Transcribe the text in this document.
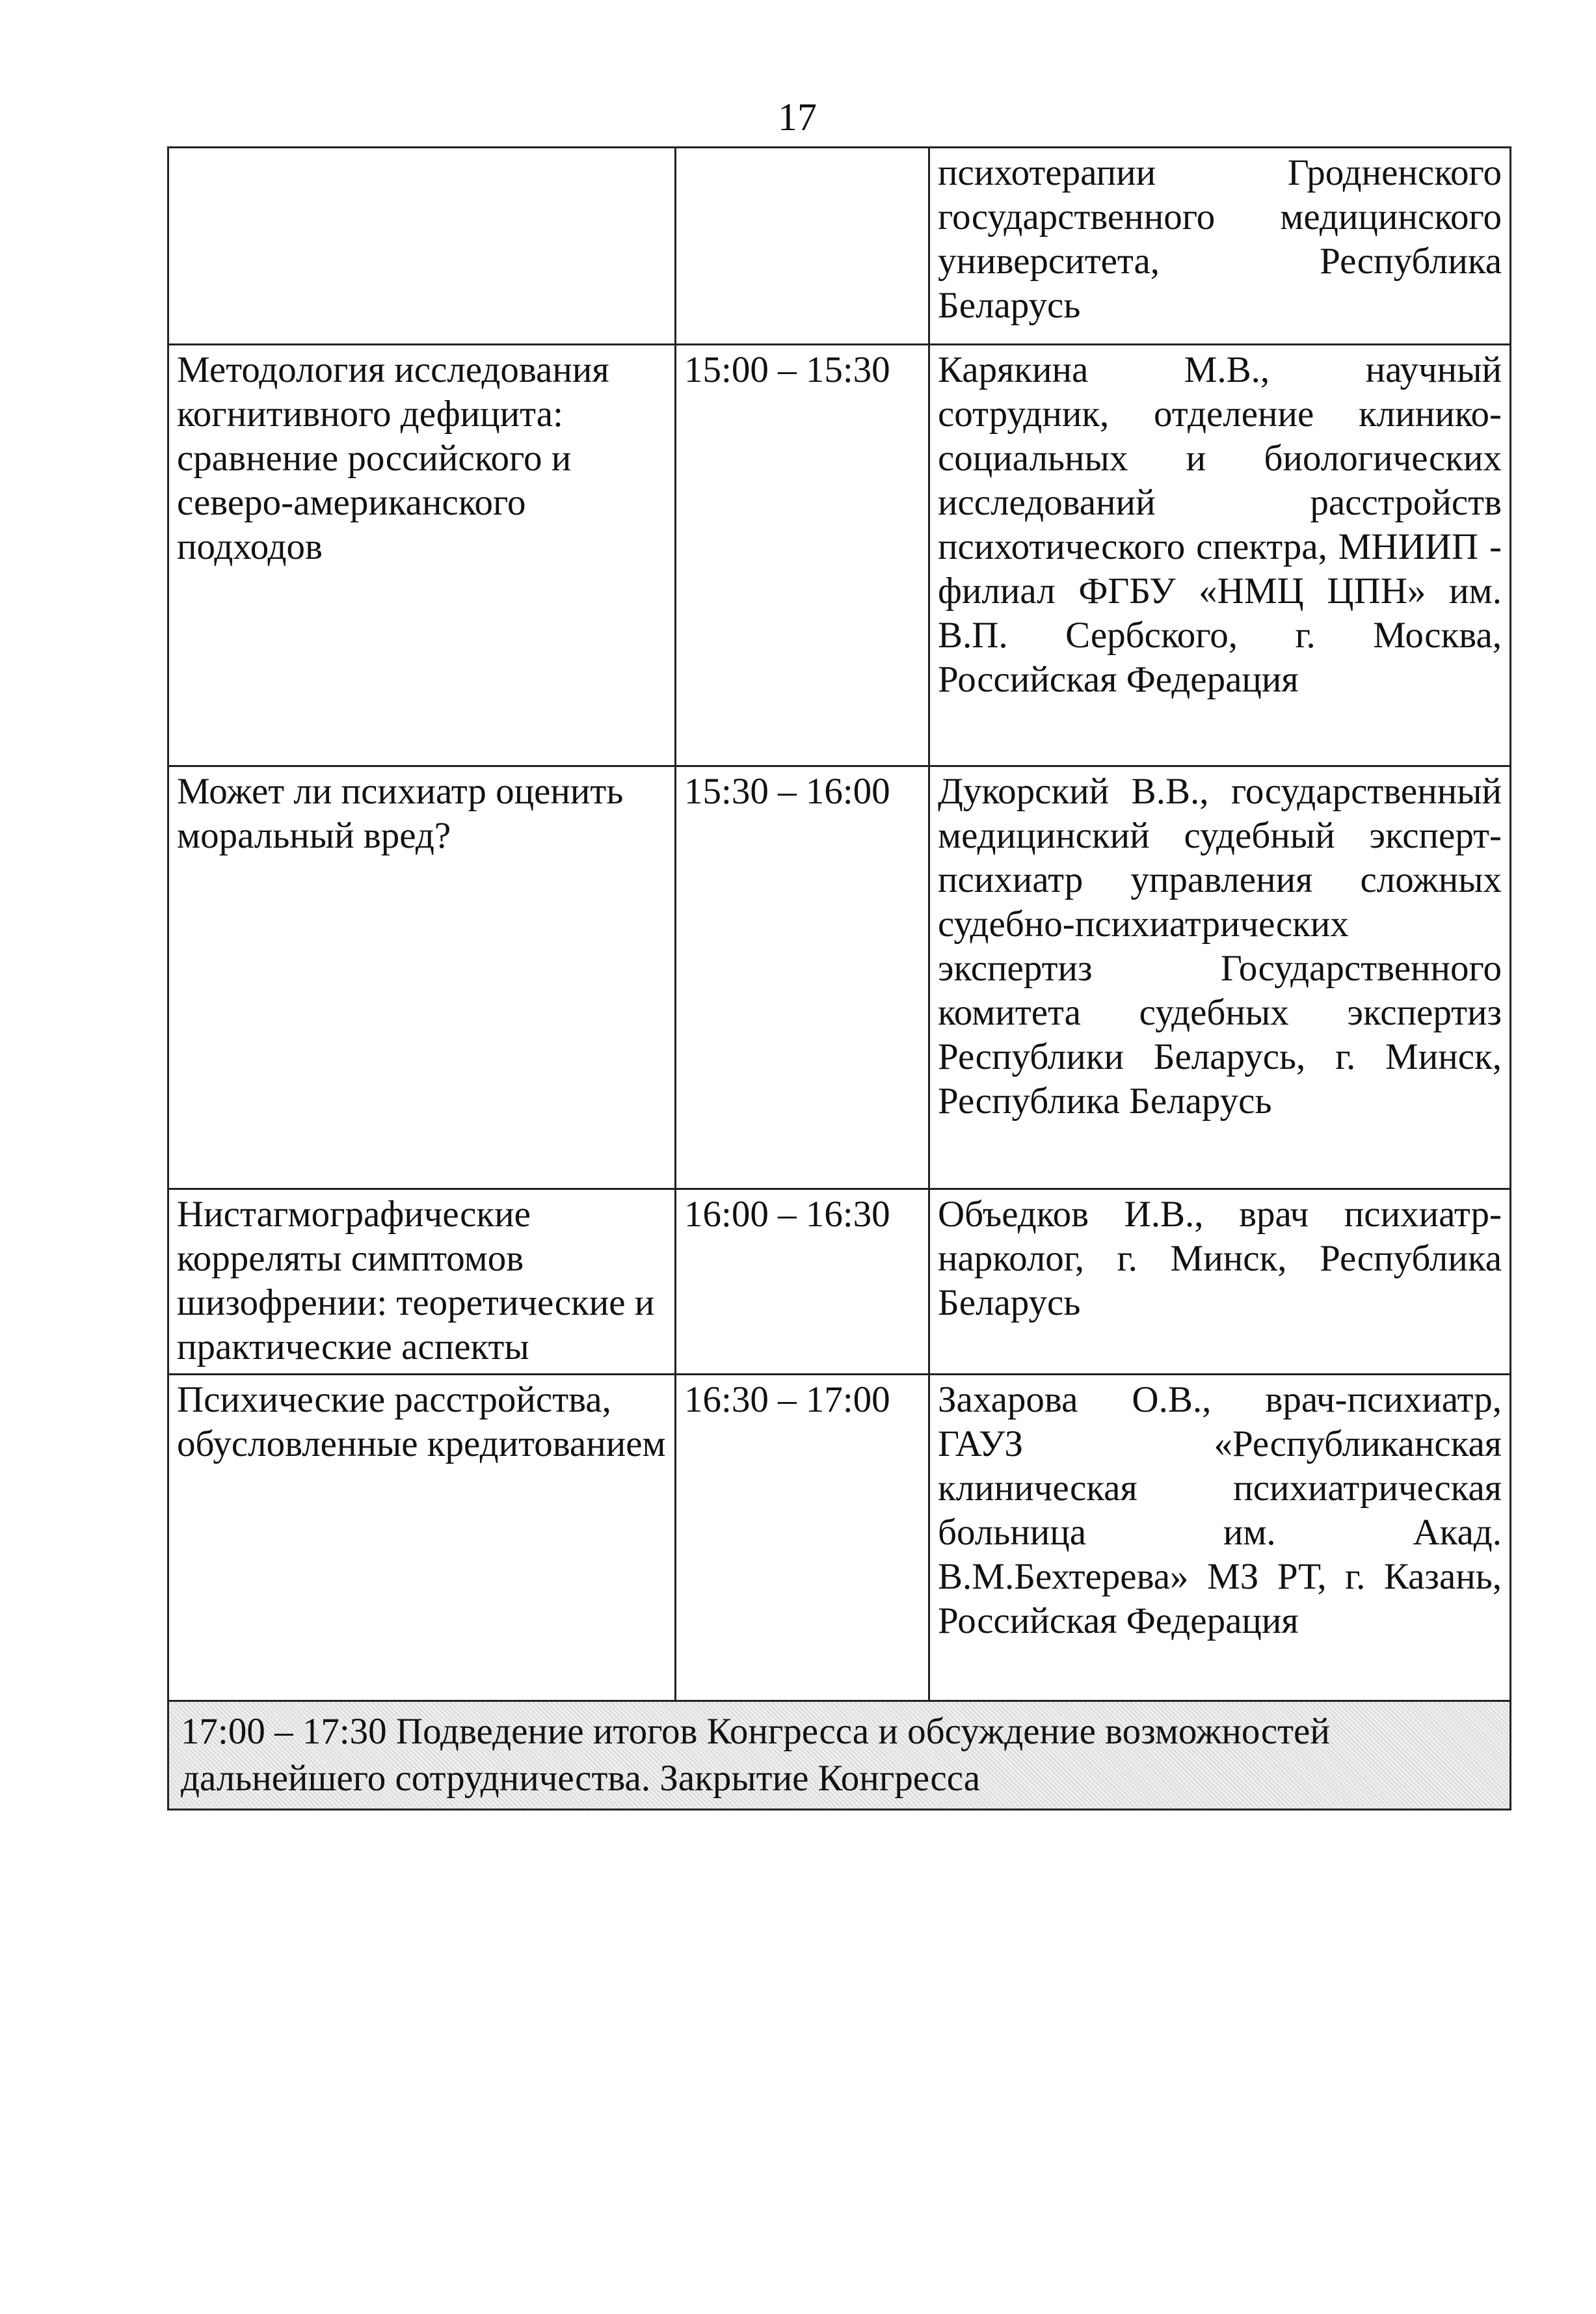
17
		психотерапии Гродненского государственного медицинского университета, Республика Беларусь
Методология исследования когнитивного дефицита: сравнение российского и северо-американского подходов	15:00 – 15:30	Карякина М.В., научный сотрудник, отделение клинико-социальных и биологических исследований расстройств психотического спектра, МНИИП - филиал ФГБУ «НМЦ ЦПН» им. В.П. Сербского, г. Москва, Российская Федерация
Может ли психиатр оценить моральный вред?	15:30 – 16:00	Дукорский В.В., государственный медицинский судебный эксперт-психиатр управления сложных судебно-психиатрических экспертиз Государственного комитета судебных экспертиз Республики Беларусь, г. Минск, Республика Беларусь
Нистагмографические корреляты симптомов шизофрении: теоретические и практические аспекты	16:00 – 16:30	Объедков И.В., врач психиатр-нарколог, г. Минск, Республика Беларусь
Психические расстройства, обусловленные кредитованием	16:30 – 17:00	Захарова О.В., врач-психиатр, ГАУЗ «Республиканская клиническая психиатрическая больница им. Акад. В.М.Бехтерева» МЗ РТ, г. Казань, Российская Федерация
17:00 – 17:30 Подведение итогов Конгресса и обсуждение возможностей дальнейшего сотрудничества. Закрытие Конгресса		
